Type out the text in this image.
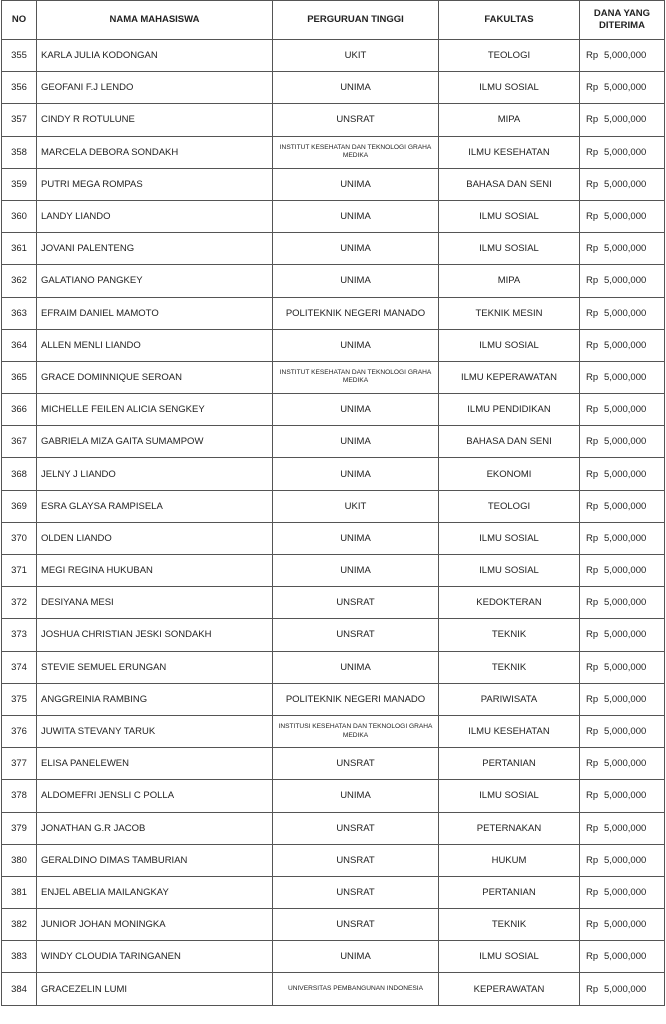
NO	NAMA MAHASISWA	PERGURUAN TINGGI	FAKULTAS	DANA YANG
DITERIMA
355	KARLA JULIA KODONGAN	UKIT	TEOLOGI	Rp 5,000,000
356	GEOFANI F.J LENDO	UNIMA	ILMU SOSIAL	Rp 5,000,000
357	CINDY R ROTULUNE	UNSRAT	MIPA	Rp 5,000,000
358	MARCELA DEBORA SONDAKH	INSTITUT KESEHATAN DAN TEKNOLOGI GRAHA MEDIKA	ILMU KESEHATAN	Rp 5,000,000
359	PUTRI MEGA ROMPAS	UNIMA	BAHASA DAN SENI	Rp 5,000,000
360	LANDY LIANDO	UNIMA	ILMU SOSIAL	Rp 5,000,000
361	JOVANI PALENTENG	UNIMA	ILMU SOSIAL	Rp 5,000,000
362	GALATIANO PANGKEY	UNIMA	MIPA	Rp 5,000,000
363	EFRAIM DANIEL MAMOTO	POLITEKNIK NEGERI MANADO	TEKNIK MESIN	Rp 5,000,000
364	ALLEN MENLI LIANDO	UNIMA	ILMU SOSIAL	Rp 5,000,000
365	GRACE DOMINNIQUE SEROAN	INSTITUT KESEHATAN DAN TEKNOLOGI GRAHA MEDIKA	ILMU KEPERAWATAN	Rp 5,000,000
366	MICHELLE FEILEN ALICIA SENGKEY	UNIMA	ILMU PENDIDIKAN	Rp 5,000,000
367	GABRIELA MIZA GAITA SUMAMPOW	UNIMA	BAHASA DAN SENI	Rp 5,000,000
368	JELNY J LIANDO	UNIMA	EKONOMI	Rp 5,000,000
369	ESRA GLAYSA RAMPISELA	UKIT	TEOLOGI	Rp 5,000,000
370	OLDEN LIANDO	UNIMA	ILMU SOSIAL	Rp 5,000,000
371	MEGI REGINA HUKUBAN	UNIMA	ILMU SOSIAL	Rp 5,000,000
372	DESIYANA MESI	UNSRAT	KEDOKTERAN	Rp 5,000,000
373	JOSHUA CHRISTIAN JESKI SONDAKH	UNSRAT	TEKNIK	Rp 5,000,000
374	STEVIE SEMUEL ERUNGAN	UNIMA	TEKNIK	Rp 5,000,000
375	ANGGREINIA RAMBING	POLITEKNIK NEGERI MANADO	PARIWISATA	Rp 5,000,000
376	JUWITA STEVANY TARUK	INSTITUSI KESEHATAN DAN TEKNOLOGI GRAHA MEDIKA	ILMU KESEHATAN	Rp 5,000,000
377	ELISA PANELEWEN	UNSRAT	PERTANIAN	Rp 5,000,000
378	ALDOMEFRI JENSLI C POLLA	UNIMA	ILMU SOSIAL	Rp 5,000,000
379	JONATHAN G.R JACOB	UNSRAT	PETERNAKAN	Rp 5,000,000
380	GERALDINO DIMAS TAMBURIAN	UNSRAT	HUKUM	Rp 5,000,000
381	ENJEL ABELIA MAILANGKAY	UNSRAT	PERTANIAN	Rp 5,000,000
382	JUNIOR JOHAN MONINGKA	UNSRAT	TEKNIK	Rp 5,000,000
383	WINDY CLOUDIA TARINGANEN	UNIMA	ILMU SOSIAL	Rp 5,000,000
384	GRACEZELIN LUMI	UNIVERSITAS PEMBANGUNAN INDONESIA	KEPERAWATAN	Rp 5,000,000
